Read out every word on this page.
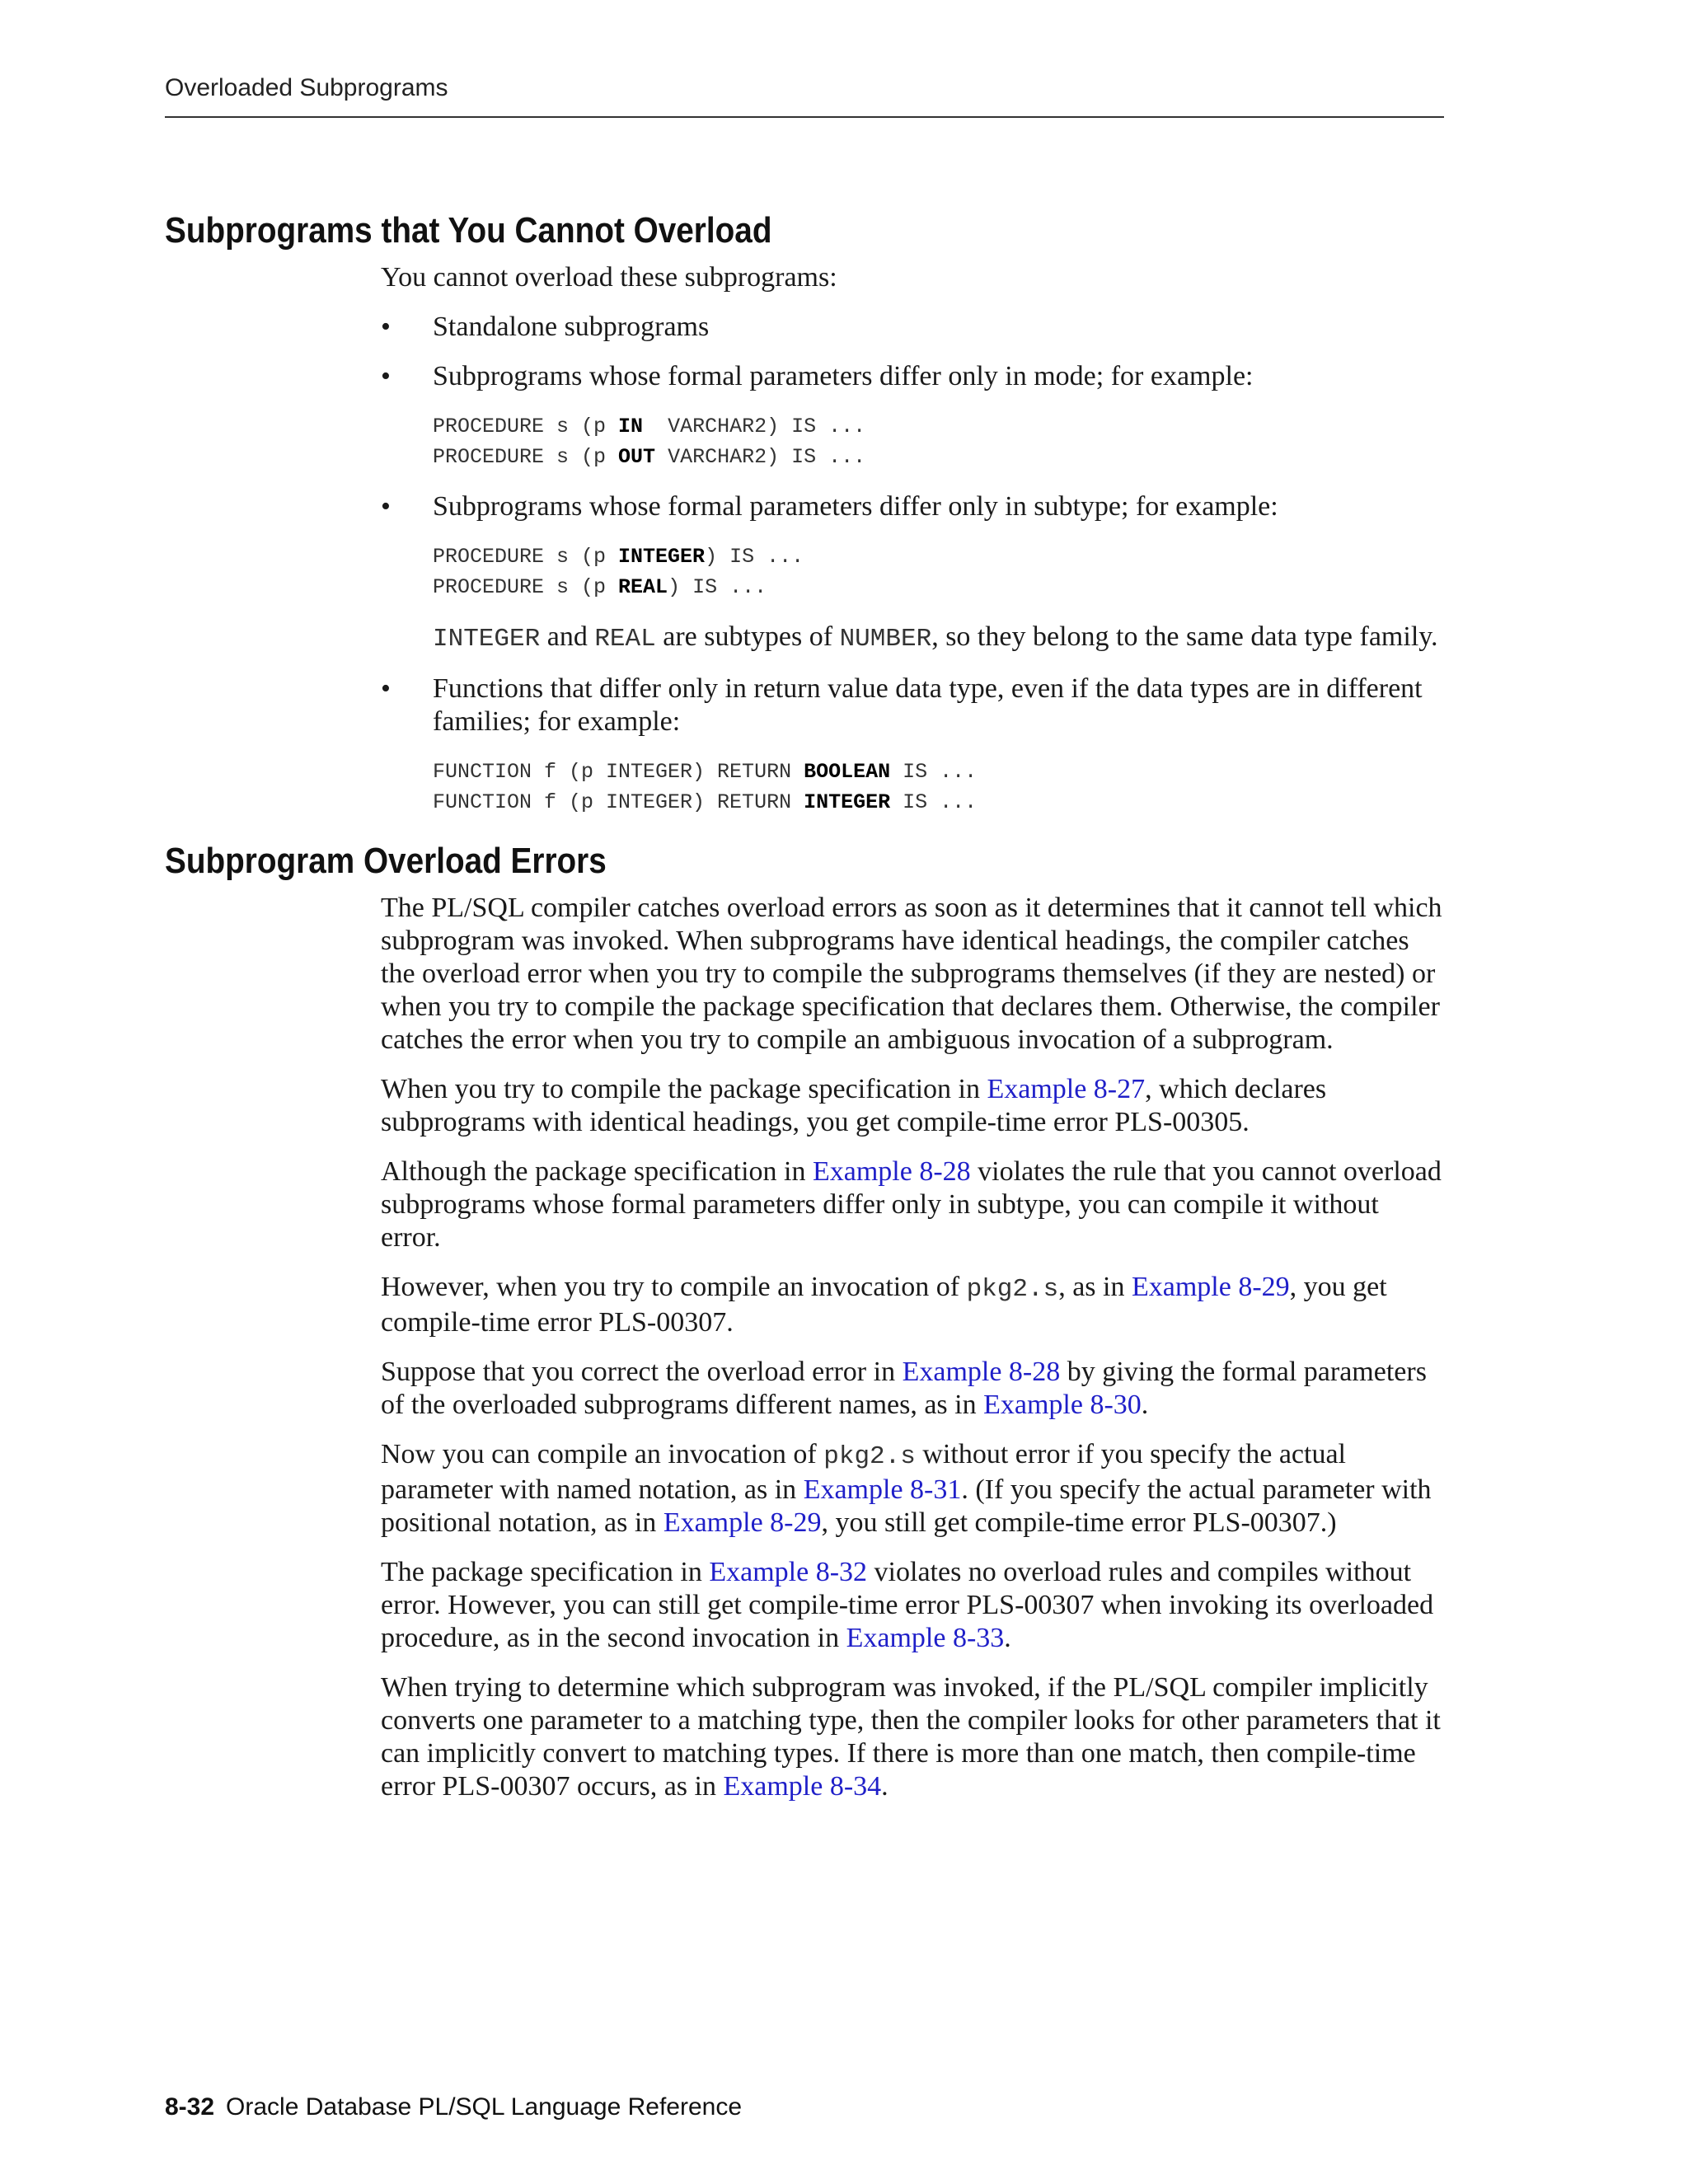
Overloaded Subprograms
Subprograms that You Cannot Overload

You cannot overload these subprograms:

• Standalone subprograms
• Subprograms whose formal parameters differ only in mode; for example:
PROCEDURE s (p IN  VARCHAR2) IS ...
PROCEDURE s (p OUT VARCHAR2) IS ...
• Subprograms whose formal parameters differ only in subtype; for example:
PROCEDURE s (p INTEGER) IS ...
PROCEDURE s (p REAL) IS ...

INTEGER and REAL are subtypes of NUMBER, so they belong to the same data type family.

• Functions that differ only in return value data type, even if the data types are in different families; for example:
FUNCTION f (p INTEGER) RETURN BOOLEAN IS ...
FUNCTION f (p INTEGER) RETURN INTEGER IS ...
Subprogram Overload Errors

The PL/SQL compiler catches overload errors as soon as it determines that it cannot tell which subprogram was invoked. When subprograms have identical headings, the compiler catches the overload error when you try to compile the subprograms themselves (if they are nested) or when you try to compile the package specification that declares them. Otherwise, the compiler catches the error when you try to compile an ambiguous invocation of a subprogram.

When you try to compile the package specification in Example 8-27, which declares subprograms with identical headings, you get compile-time error PLS-00305.

Although the package specification in Example 8-28 violates the rule that you cannot overload subprograms whose formal parameters differ only in subtype, you can compile it without error.

However, when you try to compile an invocation of pkg2.s, as in Example 8-29, you get compile-time error PLS-00307.

Suppose that you correct the overload error in Example 8-28 by giving the formal parameters of the overloaded subprograms different names, as in Example 8-30.

Now you can compile an invocation of pkg2.s without error if you specify the actual parameter with named notation, as in Example 8-31. (If you specify the actual parameter with positional notation, as in Example 8-29, you still get compile-time error PLS-00307.)

The package specification in Example 8-32 violates no overload rules and compiles without error. However, you can still get compile-time error PLS-00307 when invoking its overloaded procedure, as in the second invocation in Example 8-33.

When trying to determine which subprogram was invoked, if the PL/SQL compiler implicitly converts one parameter to a matching type, then the compiler looks for other parameters that it can implicitly convert to matching types. If there is more than one match, then compile-time error PLS-00307 occurs, as in Example 8-34.

8-32 Oracle Database PL/SQL Language Reference
